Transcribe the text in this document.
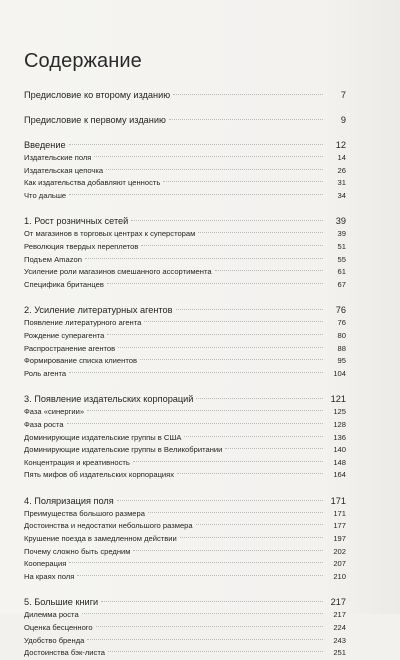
Содержание
Предисловие ко второму изданию	7
Предисловие к первому изданию	9
Введение	12
Издательские поля	14
Издательская цепочка	26
Как издательства добавляют ценность	31
Что дальше	34
1. Рост розничных сетей	39
От магазинов в торговых центрах к суперсторам	39
Революция твердых переплетов	51
Подъем Amazon	55
Усиление роли магазинов смешанного ассортимента	61
Специфика британцев	67
2. Усиление литературных агентов	76
Появление литературного агента	76
Рождение суперагента	80
Распространение агентов	88
Формирование списка клиентов	95
Роль агента	104
3. Появление издательских корпораций	121
Фаза «синергии»	125
Фаза роста	128
Доминирующие издательские группы в США	136
Доминирующие издательские группы в Великобритании	140
Концентрация и креативность	148
Пять мифов об издательских корпорациях	164
4. Поляризация поля	171
Преимущества большого размера	171
Достоинства и недостатки небольшого размера	177
Крушение поезда в замедленном действии	197
Почему сложно быть средним	202
Кооперация	207
На краях поля	210
5. Большие книги	217
Дилемма роста	217
Оценка бесценного	224
Удобство бренда	243
Достоинства бэк-листа	251
